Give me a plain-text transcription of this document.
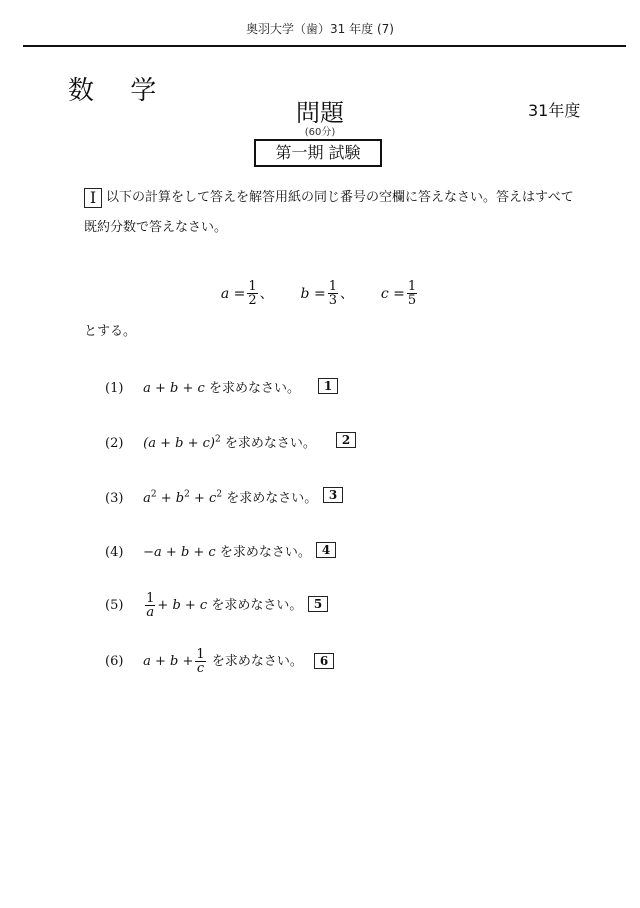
奥羽大学（歯）31 年度 (7)
数 学
問題	31年度
(60分)
第一期 試験
I 以下の計算をして答えを解答用紙の同じ番号の空欄に答えなさい。答えはすべて既約分数で答えなさい。
$a = \frac{1}{2}$ 、 $b = \frac{1}{3}$ 、 $c = \frac{1}{5}$
とする。
(1) a + b + c を求めなさい。	1
(2) $(a + b + c)^2$ を求めなさい。	2
(3) $a^2 + b^2 + c^2$ を求めなさい。 3
(4) −a + b + c を求めなさい。 4
$(5) \frac{1}{a} + b + c$ を求めなさい。 5
(6) $a + b + \frac{1}{c}$ を求めなさい。	6
